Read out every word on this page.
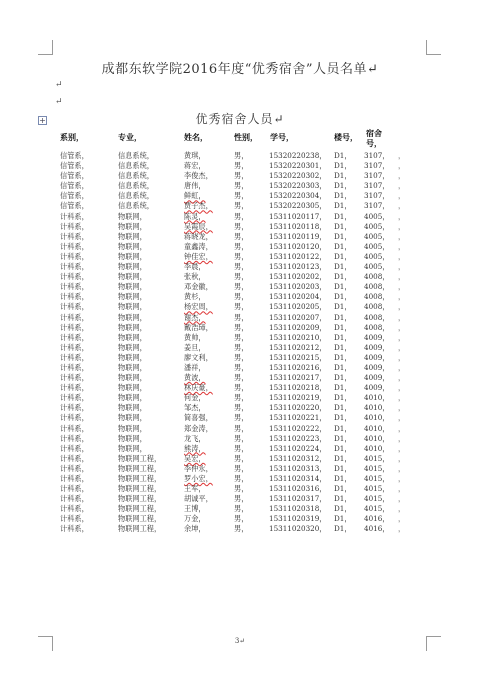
成都东软学院2016年度“优秀宿舍”人员名单↵
↵
↵
+	优秀宿舍人员↵
系别，	专业，	姓名，	性别， 学号，	楼号， 宿舍号，
信管系，	信息系统，	黄琪，	男，	15320220238， D1， 3107， ，
信管系，	信息系统，	蒋宏，	男，	15320220301， D1， 3107， ，
信管系，	信息系统，	李俊杰，	男，	15320220302， D1， 3107， ，
信管系，	信息系统，	唐伟，	男，	15320220303， D1， 3107， ，
信管系，	信息系统，	鲜虹，	男，	15320220304， D1， 3107， ，
信管系，	信息系统，	贾子杰，	男，	15320220305， D1， 3107， ，
计科系，	物联网，	陈灵，	男，	15311020117， D1， 4005， ，
计科系，	物联网，	吴霞辰，	男，	15311020118， D1， 4005， ，
计科系，	物联网，	蒋晓龙，	男，	15311020119， D1， 4005， ，
计科系，	物联网，	童鑫涛，	男，	15311020120， D1， 4005， ，
计科系，	物联网，	钟佳宏，	男，	15311020122， D1， 4005， ，
计科系，	物联网，	李晨，	男，	15311020123， D1， 4005， ，
计科系，	物联网，	张秋，	男，	15311020202， D1， 4008， ，
计科系，	物联网，	邓金徽，	男，	15311020203， D1， 4008， ，
计科系，	物联网，	黄杉，	男，	15311020204， D1， 4008， ，
计科系，	物联网，	杨宏周，	男，	15311020205， D1， 4008， ，
计科系，	物联网，	谢杰，	男，	15311020207， D1， 4008， ，
计科系，	物联网，	戴浩璋，	男，	15311020209， D1， 4008， ，
计科系，	物联网，	黄帅，	男，	15311020210， D1， 4009， ，
计科系，	物联网，	姜旦，	男，	15311020212， D1， 4009， ，
计科系，	物联网，	廖文利，	男，	15311020215， D1， 4009， ，
计科系，	物联网，	潘祥，	男，	15311020216， D1， 4009， ，
计科系，	物联网，	黄波，	男，	15311020217， D1， 4009， ，
计科系，	物联网，	林庆豪，	男，	15311020218， D1， 4009， ，
计科系，	物联网，	何金，	男，	15311020219， D1， 4010， ，
计科系，	物联网，	邹杰，	男，	15311020220， D1， 4010， ，
计科系，	物联网，	简喜强，	男，	15311020221， D1， 4010， ，
计科系，	物联网，	郑金涛，	男，	15311020222， D1， 4010， ，
计科系，	物联网，	龙飞，	男，	15311020223， D1， 4010， ，
计科系，	物联网，	熊涛，	男，	15311020224， D1， 4010， ，
计科系，	物联网工程，	吴宏，	男，	15311020312， D1， 4015， ，
计科系，	物联网工程，	李仲永，	男，	15311020313， D1， 4015， ，
计科系，	物联网工程，	罗小宏，	男，	15311020314， D1， 4015， ，
计科系，	物联网工程，	王军，	男，	15311020316， D1， 4015， ，
计科系，	物联网工程，	胡诚平，	男，	15311020317， D1， 4015， ，
计科系，	物联网工程，	王博，	男，	15311020318， D1， 4015， ，
计科系，	物联网工程，	万金，	男，	15311020319， D1， 4016， ，
计科系，	物联网工程，	余坤，	男，	15311020320， D1， 4016， ，
3↵
